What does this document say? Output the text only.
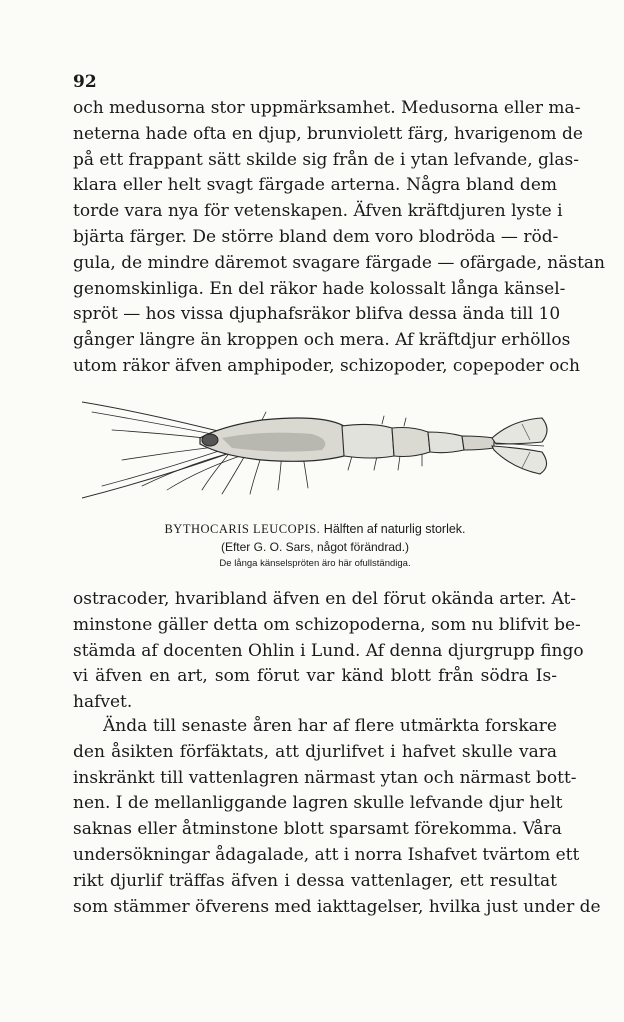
92
och medusorna stor uppmärksamhet. Medusorna eller ma-
neterna hade ofta en djup, brunviolett färg, hvarigenom de
på ett frappant sätt skilde sig från de i ytan lefvande, glas-
klara eller helt svagt färgade arterna. Några bland dem
torde vara nya för vetenskapen. Äfven kräftdjuren lyste i
bjärta färger. De större bland dem voro blodröda — röd-
gula, de mindre däremot svagare färgade — ofärgade, nästan
genomskinliga. En del räkor hade kolossalt långa känsel-
spröt — hos vissa djuphafsräkor blifva dessa ända till 10
gånger längre än kroppen och mera. Af kräftdjur erhöllos
utom räkor äfven amphipoder, schizopoder, copepoder och
BYTHOCARIS LEUCOPIS. Hälften af naturlig storlek.
(Efter G. O. Sars, något förändrad.)
De långa känselspröten äro här ofullständiga.
ostracoder, hvaribland äfven en del förut okända arter. At-
minstone gäller detta om schizopoderna, som nu blifvit be-
stämda af docenten Ohlin i Lund. Af denna djurgrupp fingo
vi äfven en art, som förut var känd blott från södra Is-
hafvet.
Ända till senaste åren har af flere utmärkta forskare
den åsikten förfäktats, att djurlifvet i hafvet skulle vara
inskränkt till vattenlagren närmast ytan och närmast bott-
nen. I de mellanliggande lagren skulle lefvande djur helt
saknas eller åtminstone blott sparsamt förekomma. Våra
undersökningar ådagalade, att i norra Ishafvet tvärtom ett
rikt djurlif träffas äfven i dessa vattenlager, ett resultat
som stämmer öfverens med iakttagelser, hvilka just under de
